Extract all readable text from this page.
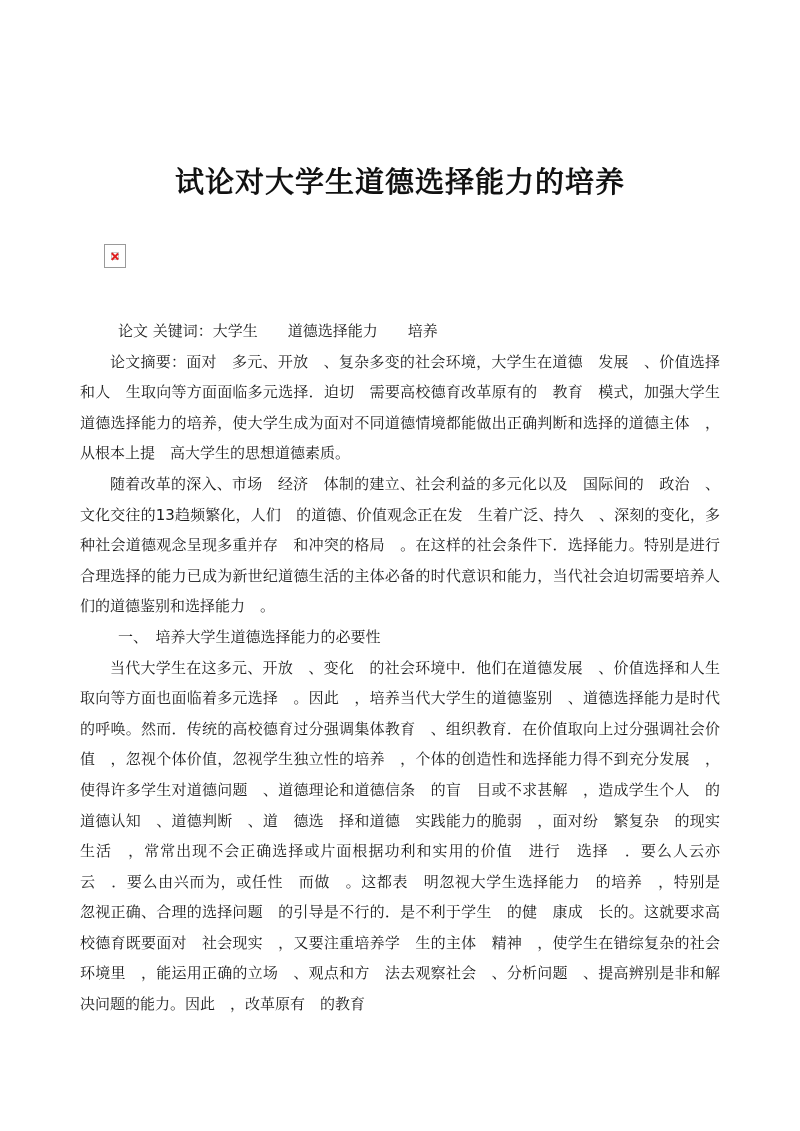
试论对大学生道德选择能力的培养

论文 关键词：大学生　　道德选择能力　　培养

论文摘要：面对　多元、开放　、复杂多变的社会环境，大学生在道德　发展　、价值选择和人　生取向等方面面临多元选择．迫切　需要高校德育改革原有的　教育　模式，加强大学生道德选择能力的培养，使大学生成为面对不同道德情境都能做出正确判断和选择的道德主体　，从根本上提　高大学生的思想道德素质。

随着改革的深入、市场　经济　体制的建立、社会利益的多元化以及　国际间的　政治　、文化交往的13趋频繁化，人们　的道德、价值观念正在发　生着广泛、持久　、深刻的变化，多种社会道德观念呈现多重并存　和冲突的格局　。在这样的社会条件下．选择能力。特别是进行合理选择的能力已成为新世纪道德生活的主体必备的时代意识和能力，当代社会迫切需要培养人们的道德鉴别和选择能力　。

一、　培养大学生道德选择能力的必要性

当代大学生在这多元、开放　、变化　的社会环境中．他们在道德发展　、价值选择和人生取向等方面也面临着多元选择　。因此　，培养当代大学生的道德鉴别　、道德选择能力是时代的呼唤。然而．传统的高校德育过分强调集体教育　、组织教育．在价值取向上过分强调社会价值　，忽视个体价值，忽视学生独立性的培养　，个体的创造性和选择能力得不到充分发展　，使得许多学生对道德问题　、道德理论和道德信条　的盲　目或不求甚解　，造成学生个人　的道德认知　、道德判断　、道　德选　择和道德　实践能力的脆弱　，面对纷　繁复杂　的现实生活　，常常出现不会正确选择或片面根据功利和实用的价值　进行　选择　．要么人云亦云　．要么由兴而为，或任性　而做　。这都表　明忽视大学生选择能力　的培养　，特别是　忽视正确、合理的选择问题　的引导是不行的．是不利于学生　的健　康成　长的。这就要求高校德育既要面对　社会现实　，又要注重培养学　生的主体　精神　，使学生在错综复杂的社会环境里　，能运用正确的立场　、观点和方　法去观察社会　、分析问题　、提高辨别是非和解决问题的能力。因此　，改革原有　的教育
